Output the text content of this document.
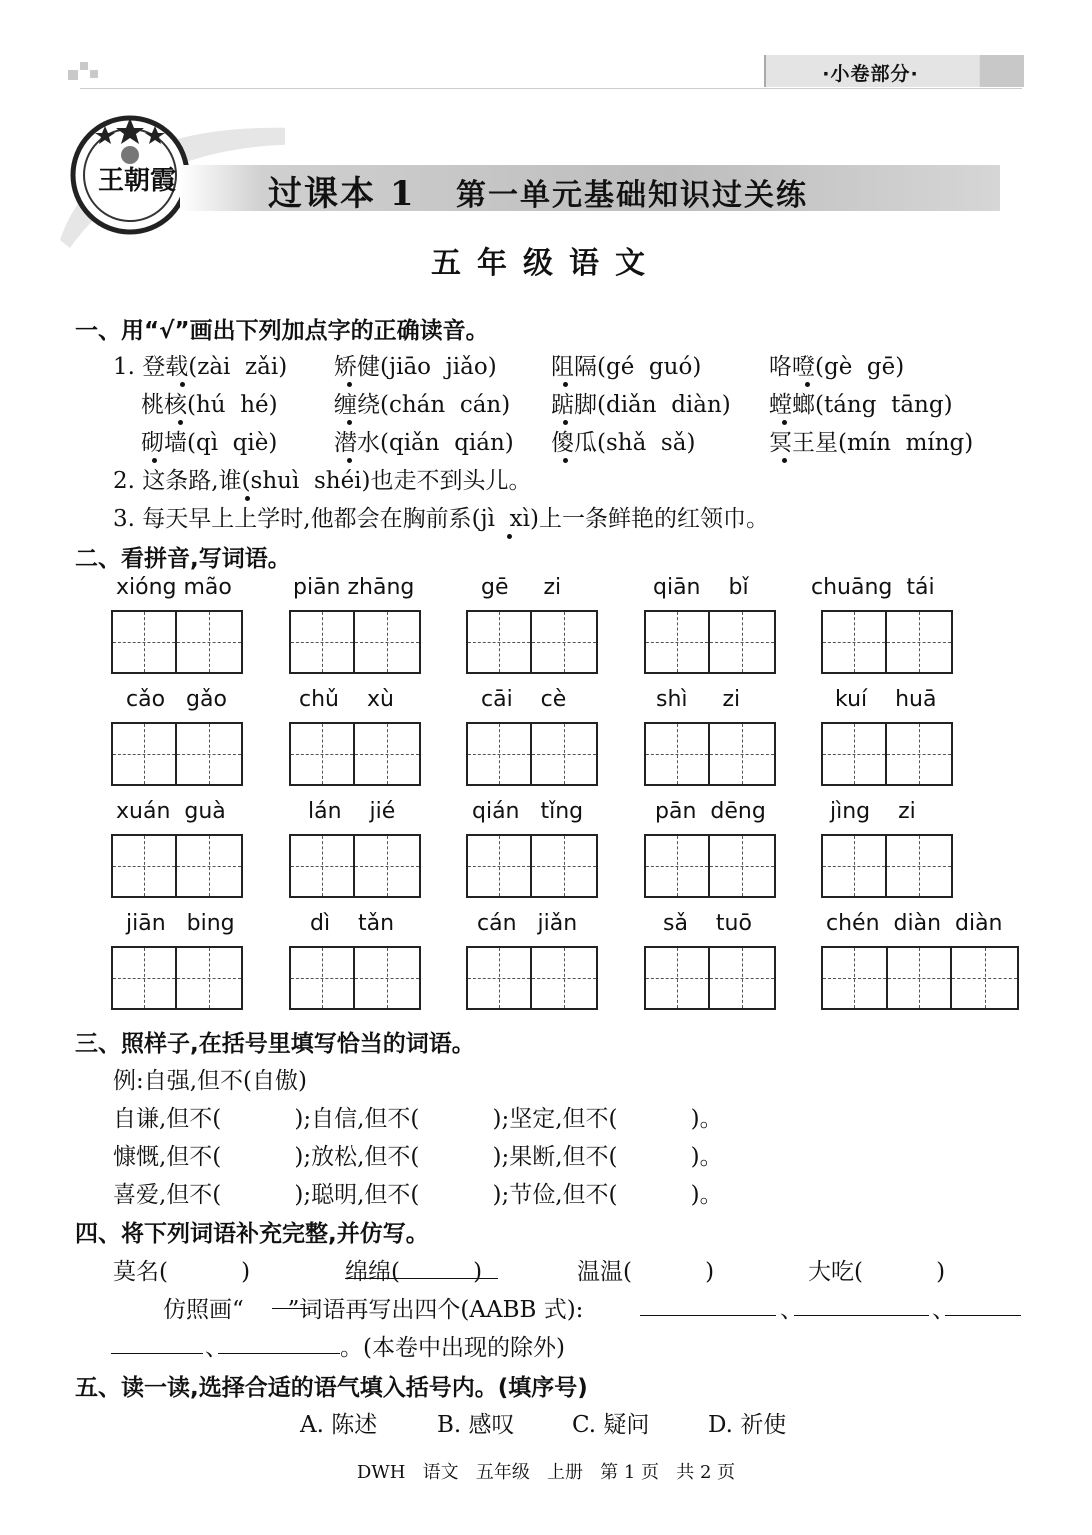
·小卷部分·
王朝霞	过课本 1 第一单元基础知识过关练
五年级语文
一、用“√”画出下列加点字的正确读音。
1. 登载(zài  zǎi) 矫健(jiāo  jiǎo) 阻隔(gé  guó)	咯噔(gè  gē)
桃核(hú  hé) 缠绕(chán  cán) 踮脚(diǎn  diàn) 螳螂(táng  tāng)
砌墙(qì  qiè) 潜水(qiǎn  qián) 傻瓜(shǎ  sǎ)	冥王星(mín  míng)
2. 这条路,谁(shuì  shéi)也走不到头儿。
3. 每天早上上学时,他都会在胸前系(jì  xì)上一条鲜艳的红领巾。
二、看拼音,写词语。
xióng mão	piān zhāng	gē     zi	qiān    bǐ	chuāng  tái
cǎo   gǎo	chǔ    xù	cāi    cè	shì     zi	kuí    huā
xuán  guà	lán    jié	qián   tǐng	pān  dēng	jìng    zi
jiān   bing	dì    tǎn	cán   jiǎn	sǎ    tuō	chén  diàn  diàn
三、照样子,在括号里填写恰当的词语。
例:自强,但不(自傲)
自谦,但不(          );自信,但不(          );坚定,但不(          )。
慷慨,但不(          );放松,但不(          );果断,但不(          )。
喜爱,但不(          );聪明,但不(          );节俭,但不(          )。
四、将下列词语补充完整,并仿写。
莫名(          )	绵绵(          )	温温(          )	大吃(          )
仿照画“      ”词语再写出四个(AABB 式):	、	、
、	。(本卷中出现的除外)
五、读一读,选择合适的语气填入括号内。(填序号)
A. 陈述	B. 感叹 C. 疑问	D. 祈使
DWH   语文   五年级   上册   第 1 页   共 2 页
